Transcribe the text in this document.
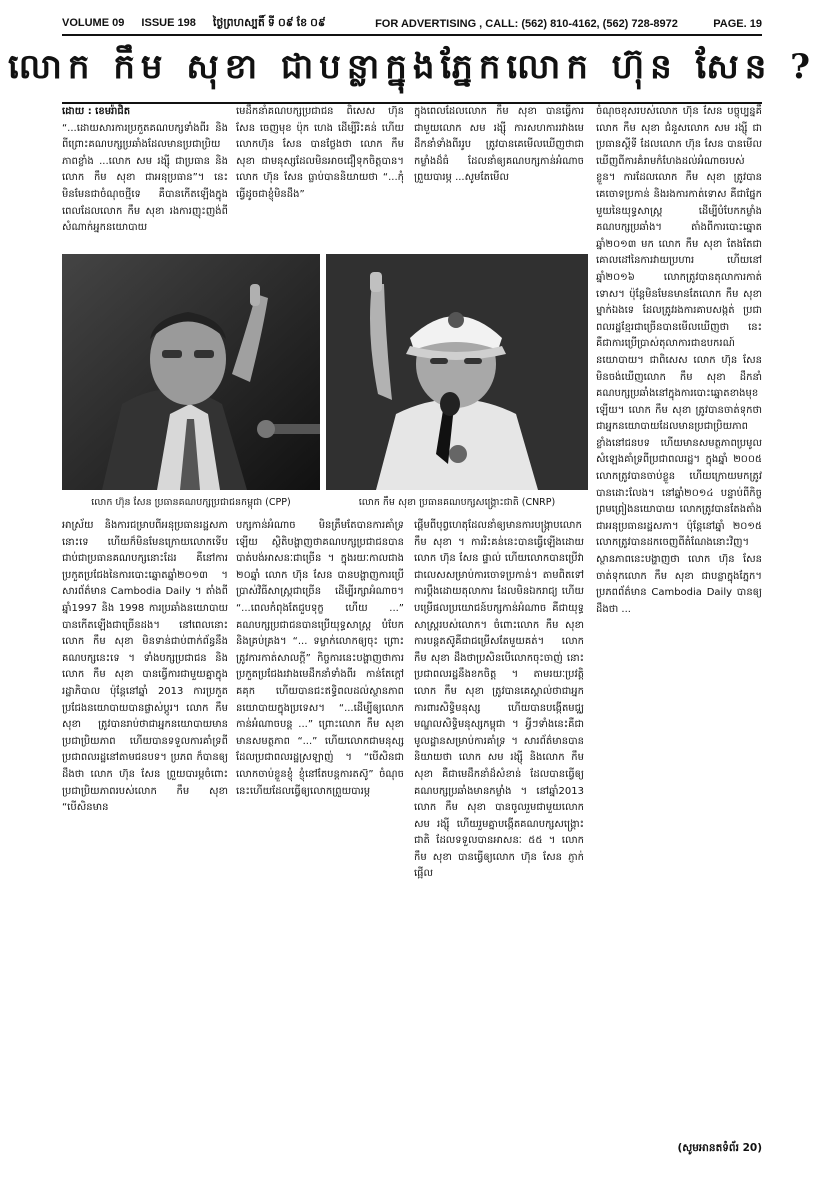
VOLUME 09 ISSUE 198 ថ្ងៃព្រហស្បតិ៍ ទី ០៩ ខែ ០៩	FOR ADVERTISING , CALL: (562) 810-4162, (562) 728-8972	PAGE. 19
លោក កឹម សុខា ជាបន្លាក្នុងភ្នែកលោក ហ៊ុន សែន ?

ដោយ : ខេមរ៉ាជិត

“...ដោយសារការប្រកួតគណបក្សទាំងពីរ និងពីព្រោះគណបក្សប្រឆាំងដែលមានប្រជាប្រិយភាពខ្លាំង ...លោក សម រង្ស៊ី ជាប្រធាន និងលោក កឹម សុខា ជាអនុប្រធាន”។ នេះមិនមែនជាចំណុចថ្មីទេ គឺបានកើតឡើងក្នុងពេលដែលលោក កឹម សុខា រងការញុះញង់ពីសំណាក់អ្នកនយោបាយ

មេដឹកនាំគណបក្សប្រជាជន ពិសេស ហ៊ុន សែន ចេញមុខ ប៉ុក ហេង ដើម្បីរិះគន់ ហើយលោកហ៊ុន សែន បានថ្លែងថា លោក កឹម សុខា ជាមនុស្សដែលមិនអាចជឿទុកចិត្តបាន។ លោក ហ៊ុន សែន ធ្លាប់បាននិយាយថា “...កុំធ្វើដូចជាខ្ញុំមិនដឹង”

ក្នុងពេលដែលលោក កឹម សុខា បានធ្វើការជាមួយលោក សម រង្ស៊ី ការសហការរវាងមេដឹកនាំទាំងពីររូប ត្រូវបានគេមើលឃើញថាជាកម្លាំងដ៏ធំ ដែលនាំឲ្យគណបក្សកាន់អំណាចព្រួយបារម្ភ ...សូមតែមើល

ចំណុចខុសរបស់លោក ហ៊ុន សែន បច្ចុប្បន្នគឺលោក កឹម សុខា ជំនួសលោក សម រង្ស៊ី ជាប្រធានស្តីទី ដែលលោក ហ៊ុន សែន បានមើលឃើញពីការគំរាមកំហែងដល់អំណាចរបស់ខ្លួន។ ការដែលលោក កឹម សុខា ត្រូវបានគេចោទប្រកាន់ និងរងការកាត់ទោស គឺជាផ្នែកមួយនៃយុទ្ធសាស្ត្រ ដើម្បីបំបែកកម្លាំងគណបក្សប្រឆាំង។ តាំងពីការបោះឆ្នោតឆ្នាំ២០១៣ មក លោក កឹម សុខា តែងតែជាគោលដៅនៃការវាយប្រហារ ហើយនៅឆ្នាំ២០១៦ លោកត្រូវបានតុលាការកាត់ទោស។ ប៉ុន្តែមិនមែនមានតែលោក កឹម សុខា ម្នាក់ឯងទេ ដែលត្រូវរងការគាបសង្កត់ ប្រជាពលរដ្ឋខ្មែរជាច្រើនបានមើលឃើញថា នេះគឺជាការប្រើប្រាស់តុលាការជាឧបករណ៍នយោបាយ។ ជាពិសេស លោក ហ៊ុន សែន មិនចង់ឃើញលោក កឹម សុខា ដឹកនាំគណបក្សប្រឆាំងនៅក្នុងការបោះឆ្នោតខាងមុខឡើយ។ លោក កឹម សុខា ត្រូវបានចាត់ទុកថាជាអ្នកនយោបាយដែលមានប្រជាប្រិយភាពខ្លាំងនៅជនបទ ហើយមានសមត្ថភាពប្រមូលសំឡេងគាំទ្រពីប្រជាពលរដ្ឋ។ ក្នុងឆ្នាំ ២០០៥ លោកត្រូវបានចាប់ខ្លួន ហើយក្រោយមកត្រូវបានដោះលែង។ នៅឆ្នាំ២០១៤ បន្ទាប់ពីកិច្ចព្រមព្រៀងនយោបាយ លោកត្រូវបានតែងតាំងជាអនុប្រធានរដ្ឋសភា។ ប៉ុន្តែនៅឆ្នាំ ២០១៥ លោកត្រូវបានដកចេញពីតំណែងនោះវិញ។ ស្ថានភាពនេះបង្ហាញថា លោក ហ៊ុន សែន ចាត់ទុកលោក កឹម សុខា ជាបន្លាក្នុងភ្នែក។ ប្រភពព័ត៌មាន Cambodia Daily បានឲ្យដឹងថា ...

លោក ហ៊ុន សែន ប្រធានគណបក្សប្រជាជនកម្ពុជា (CPP)	លោក កឹម សុខា ប្រធានគណបក្សសង្គ្រោះជាតិ (CNRP)

អាស្រ័យ និងការជម្រាបពីអនុប្រធានរដ្ឋសភា នោះទេ ហើយក៏មិនមែនក្រោយលោកទើបជាប់ជាប្រធានគណបក្សនោះដែរ គឺនៅការប្រកួតប្រជែងនៃការបោះឆ្នោតឆ្នាំ២០១៣ ។ សារព័ត៌មាន Cambodia Daily ។ តាំងពីឆ្នាំ1997 និង 1998 ការប្រឆាំងនយោបាយបានកើតឡើងជាច្រើនដង។ នៅពេលនោះលោក កឹម សុខា មិនទាន់ជាប់ពាក់ព័ន្ធនឹងគណបក្សនេះទេ ។ ទាំងបក្សប្រជាជន និងលោក កឹម សុខា បានធ្វើការជាមួយគ្នាក្នុងរដ្ឋាភិបាល ប៉ុន្តែនៅឆ្នាំ 2013 ការប្រកួតប្រជែងនយោបាយបានផ្លាស់ប្តូរ។ លោក កឹម សុខា ត្រូវបានរាប់ថាជាអ្នកនយោបាយមានប្រជាប្រិយភាព ហើយបានទទួលការគាំទ្រពីប្រជាពលរដ្ឋនៅតាមជនបទ។ ប្រភព ក៏បានឲ្យដឹងថា លោក ហ៊ុន សែន ព្រួយបារម្ភចំពោះប្រជាប្រិយភាពរបស់លោក កឹម សុខា “បើសិនមាន

បក្សកាន់អំណាច មិនត្រឹមតែបានការគាំទ្រឡើយ ស្ថិតិបង្ហាញថាគណបក្សប្រជាជនបានបាត់បង់អាសនៈជាច្រើន ។ ក្នុងរយៈកាលជាង ២០ឆ្នាំ លោក ហ៊ុន សែន បានបង្ហាញការប្រើប្រាស់វិធីសាស្ត្រជាច្រើន ដើម្បីរក្សាអំណាច។ “...ពេលកំពុងតែជួបទុក្ខ ហើយ ...” គណបក្សប្រជាជនបានប្រើយុទ្ធសាស្ត្រ បំបែក និងគ្រប់គ្រង។ “... ទម្លាក់លោកឲ្យចុះ ព្រោះត្រូវការកាត់សាលក្តី” កិច្ចការនេះបង្ហាញថាការប្រកួតប្រជែងរវាងមេដឹកនាំទាំងពីរ កាន់តែក្តៅគគុក ហើយបានជះឥទ្ធិពលដល់ស្ថានភាពនយោបាយក្នុងប្រទេស។ “...ដើម្បីឲ្យលោកកាន់អំណាចបន្ត ...” ព្រោះលោក កឹម សុខា មានសមត្ថភាព “...” ហើយលោកជាមនុស្សដែលប្រជាពលរដ្ឋស្រឡាញ់ ។ “បើសិនជាលោកចាប់ខ្លួនខ្ញុំ ខ្ញុំនៅតែបន្តការតស៊ូ” ចំណុចនេះហើយដែលធ្វើឲ្យលោកព្រួយបារម្ភ

ផ្តើមពីបុព្វហេតុដែលនាំឲ្យមានការបង្ក្រាបលោក កឹម សុខា ។ ការរិះគន់នេះបានធ្វើឡើងដោយលោក ហ៊ុន សែន ផ្ទាល់ ហើយលោកបានប្រើវាជាលេសសម្រាប់ការចោទប្រកាន់។ តាមពិតទៅ ការប្តឹងដោយតុលាការ ដែលមិនឯករាជ្យ ហើយបម្រើផលប្រយោជន៍បក្សកាន់អំណាច គឺជាយុទ្ធសាស្ត្ររបស់លោក។ ចំពោះលោក កឹម សុខា ការបន្តតស៊ូគឺជាជម្រើសតែមួយគត់។ លោក កឹម សុខា ដឹងថាប្រសិនបើលោកចុះចាញ់ នោះប្រជាពលរដ្ឋនឹងខកចិត្ត ។ តាមរយៈប្រវត្តិ លោក កឹម សុខា ត្រូវបានគេស្គាល់ថាជាអ្នកការពារសិទ្ធិមនុស្ស ហើយបានបង្កើតមជ្ឈមណ្ឌលសិទ្ធិមនុស្សកម្ពុជា ។ អ្វីៗទាំងនេះគឺជាមូលដ្ឋានសម្រាប់ការគាំទ្រ ។ សារព័ត៌មានបាននិយាយថា លោក សម រង្ស៊ី និងលោក កឹម សុខា គឺជាមេដឹកនាំដ៏សំខាន់ ដែលបានធ្វើឲ្យគណបក្សប្រឆាំងមានកម្លាំង ។ នៅឆ្នាំ2013 លោក កឹម សុខា បានចូលរួមជាមួយលោក សម រង្ស៊ី ហើយរួមគ្នាបង្កើតគណបក្សសង្គ្រោះជាតិ ដែលទទួលបានអាសនៈ ៥៥ ។ លោក កឹម សុខា បានធ្វើឲ្យលោក ហ៊ុន សែន ភ្ញាក់ផ្អើល

(សូមអានតទំព័រ 20)
